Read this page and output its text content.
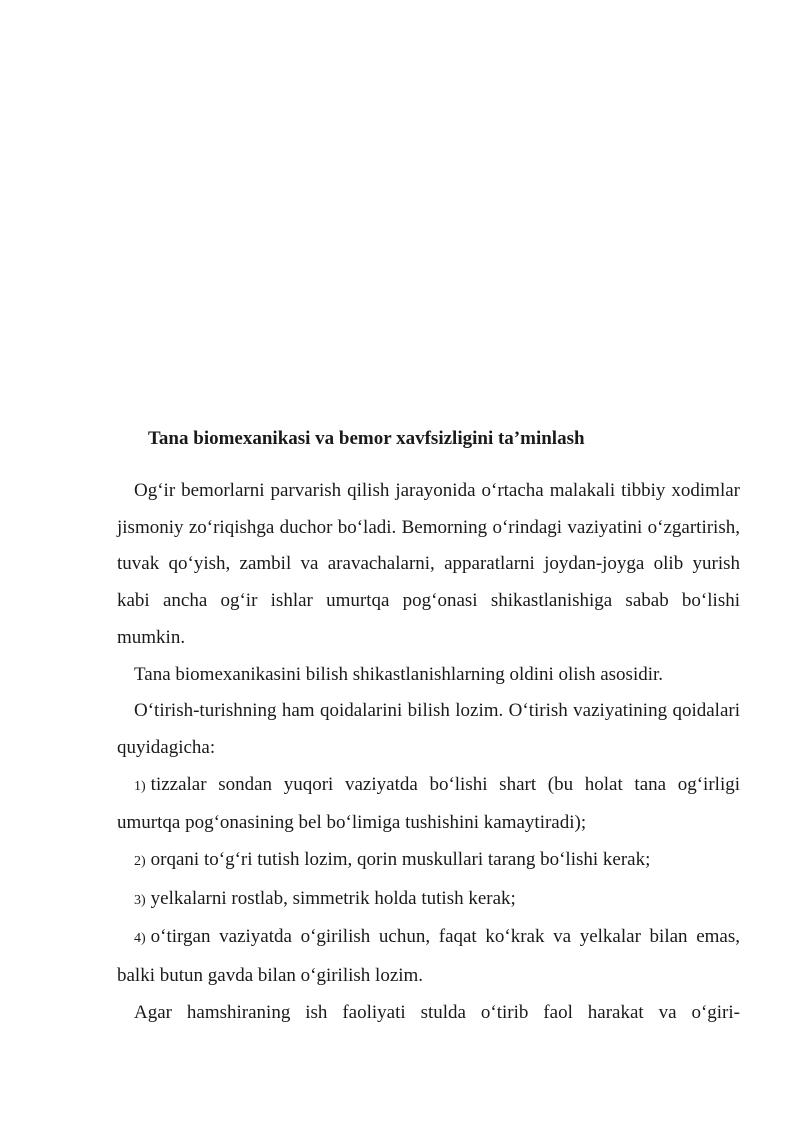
Tana biomexanikasi va bemor xavfsizligini ta’minlash

Og‘ir bemorlarni parvarish qilish jarayonida o‘rtacha malakali tibbiy xodimlar jismoniy zo‘riqishga duchor bo‘ladi. Bemorning o‘rindagi vaziyatini o‘zgartirish, tuvak qo‘yish, zambil va aravachalarni, apparatlarni joydan-joyga olib yurish kabi ancha og‘ir ishlar umurtqa pog‘onasi shikastlanishiga sabab bo‘lishi mumkin.

Tana biomexanikasini bilish shikastlanishlarning oldini olish asosidir.

O‘tirish-turishning ham qoidalarini bilish lozim. O‘tirish vaziyatining qoidalari quyidagicha:

1) tizzalar sondan yuqori vaziyatda bo‘lishi shart (bu holat tana og‘irligi umurtqa pog‘onasining bel bo‘limiga tushishini kamaytiradi);

2) orqani to‘g‘ri tutish lozim, qorin muskullari tarang bo‘lishi kerak;

3) yelkalarni rostlab, simmetrik holda tutish kerak;

4) o‘tirgan vaziyatda o‘girilish uchun, faqat ko‘krak va yelkalar bilan emas, balki butun gavda bilan o‘girilish lozim.

Agar hamshiraning ish faoliyati stulda o‘tirib faol harakat va o‘giri-
